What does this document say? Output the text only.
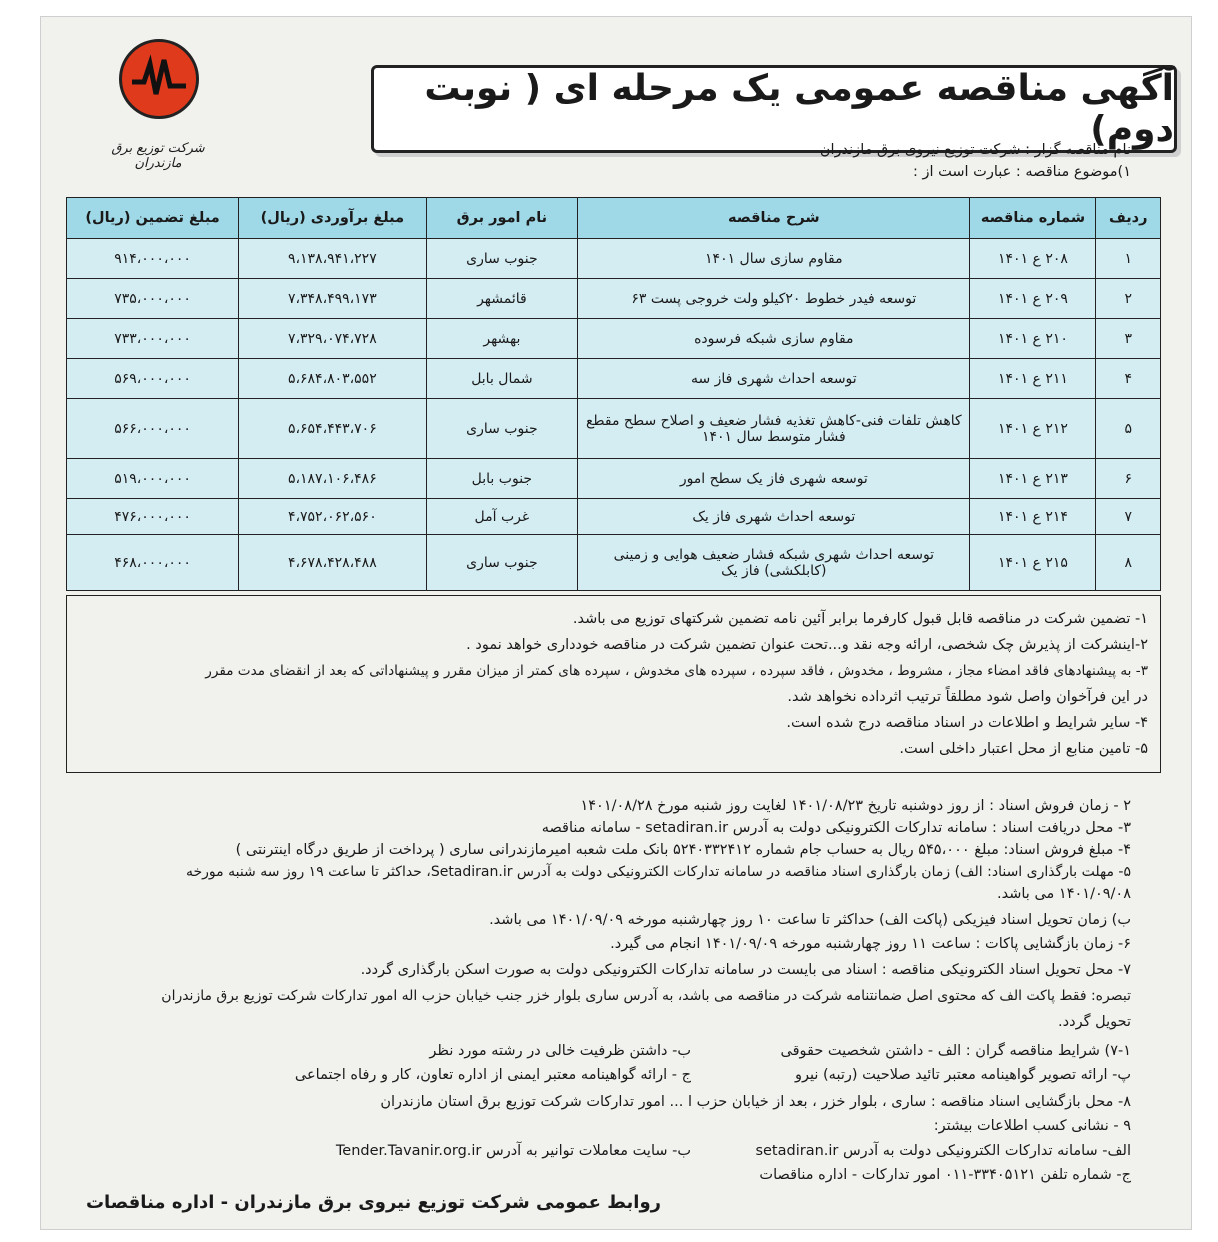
شرکت توزیع برق مازندران
آگهی مناقصه عمومی یک مرحله ای ( نوبت دوم)
نام مناقصه گزار : شرکت توزیع نیروی برق مازندران
۱)موضوع مناقصه : عبارت است از :
ردیف	شماره مناقصه	شرح مناقصه	نام امور برق	مبلغ برآوردی (ریال)	مبلغ تضمین (ریال)
۱	۲۰۸ ع ۱۴۰۱	مقاوم سازی سال ۱۴۰۱	جنوب ساری	۹،۱۳۸،۹۴۱،۲۲۷	۹۱۴،۰۰۰،۰۰۰
۲	۲۰۹ ع ۱۴۰۱	توسعه فیدر خطوط ۲۰کیلو ولت خروجی پست ۶۳	قائمشهر	۷،۳۴۸،۴۹۹،۱۷۳	۷۳۵،۰۰۰،۰۰۰
۳	۲۱۰ ع ۱۴۰۱	مقاوم سازی شبکه فرسوده	بهشهر	۷،۳۲۹،۰۷۴،۷۲۸	۷۳۳،۰۰۰،۰۰۰
۴	۲۱۱ ع ۱۴۰۱	توسعه احداث شهری فاز سه	شمال بابل	۵،۶۸۴،۸۰۳،۵۵۲	۵۶۹،۰۰۰،۰۰۰
۵	۲۱۲ ع ۱۴۰۱	کاهش تلفات فنی-کاهش تغذیه فشار ضعیف و اصلاح سطح مقطع فشار متوسط سال ۱۴۰۱	جنوب ساری	۵،۶۵۴،۴۴۳،۷۰۶	۵۶۶،۰۰۰،۰۰۰
۶	۲۱۳ ع ۱۴۰۱	توسعه شهری فاز یک سطح امور	جنوب بابل	۵،۱۸۷،۱۰۶،۴۸۶	۵۱۹،۰۰۰،۰۰۰
۷	۲۱۴ ع ۱۴۰۱	توسعه احداث شهری فاز یک	غرب آمل	۴،۷۵۲،۰۶۲،۵۶۰	۴۷۶،۰۰۰،۰۰۰
۸	۲۱۵ ع ۱۴۰۱	توسعه احداث شهری شبکه فشار ضعیف هوایی و زمینی (کابلکشی) فاز یک	جنوب ساری	۴،۶۷۸،۴۲۸،۴۸۸	۴۶۸،۰۰۰،۰۰۰
۱- تضمین شرکت در مناقصه قابل قبول کارفرما برابر آئین نامه تضمین شرکتهای توزیع می باشد.
۲-اینشرکت از پذیرش چک شخصی، ارائه وجه نقد و...تحت عنوان تضمین شرکت در مناقصه خودداری خواهد نمود .
۳- به پیشنهادهای فاقد امضاء مجاز ، مشروط ، مخدوش ، فاقد سپرده ، سپرده های مخدوش ، سپرده های کمتر از میزان مقرر و پیشنهاداتی که بعد از انقضای مدت مقرر
در این فرآخوان واصل شود مطلقاً ترتیب اثرداده نخواهد شد.
۴- سایر شرایط و اطلاعات در اسناد مناقصه درج شده است.
۵- تامین منابع از محل اعتبار داخلی است.
۲ - زمان فروش اسناد : از روز دوشنبه تاریخ ۱۴۰۱/۰۸/۲۳ لغایت روز شنبه مورخ ۱۴۰۱/۰۸/۲۸
۳- محل دریافت اسناد : سامانه تدارکات الکترونیکی دولت به آدرس setadiran.ir - سامانه مناقصه
۴- مبلغ فروش اسناد: مبلغ ۵۴۵،۰۰۰ ریال به حساب جام شماره ۵۲۴۰۳۳۲۴۱۲ بانک ملت شعبه امیرمازندرانی ساری ( پرداخت از طریق درگاه اینترنتی )
۵- مهلت بارگذاری اسناد: الف) زمان بارگذاری اسناد مناقصه در سامانه تدارکات الکترونیکی دولت به آدرس Setadiran.ir، حداکثر تا ساعت ۱۹ روز سه شنبه مورخه
۱۴۰۱/۰۹/۰۸ می باشد.
ب) زمان تحویل اسناد فیزیکی (پاکت الف) حداکثر تا ساعت ۱۰ روز چهارشنبه مورخه ۱۴۰۱/۰۹/۰۹ می باشد.
۶- زمان بازگشایی پاکات : ساعت ۱۱ روز چهارشنبه مورخه ۱۴۰۱/۰۹/۰۹ انجام می گیرد.
۷- محل تحویل اسناد الکترونیکی مناقصه : اسناد می بایست در سامانه تدارکات الکترونیکی دولت به صورت اسکن بارگذاری گردد.
تبصره: فقط پاکت الف که محتوی اصل ضمانتنامه شرکت در مناقصه می باشد، به آدرس ساری بلوار خزر جنب خیابان حزب اله امور تدارکات شرکت توزیع برق مازندران
تحویل گردد.
۷-۱) شرایط مناقصه گران : الف - داشتن شخصیت حقوقی
ب- داشتن ظرفیت خالی در رشته مورد نظر
پ- ارائه تصویر گواهینامه معتبر تائید صلاحیت (رتبه) نیرو
ج - ارائه گواهینامه معتبر ایمنی از اداره تعاون، کار و رفاه اجتماعی
۸- محل بازگشایی اسناد مناقصه : ساری ، بلوار خزر ، بعد از خیابان حزب ا ... امور تدارکات شرکت توزیع برق استان مازندران
۹ - نشانی کسب اطلاعات بیشتر:
الف- سامانه تدارکات الکترونیکی دولت به آدرس setadiran.ir
ب- سایت معاملات توانیر به آدرس Tender.Tavanir.org.ir
ج- شماره تلفن ۳۳۴۰۵۱۲۱-۰۱۱ امور تدارکات - اداره مناقصات
روابط عمومی شرکت توزیع نیروی برق مازندران - اداره مناقصات
